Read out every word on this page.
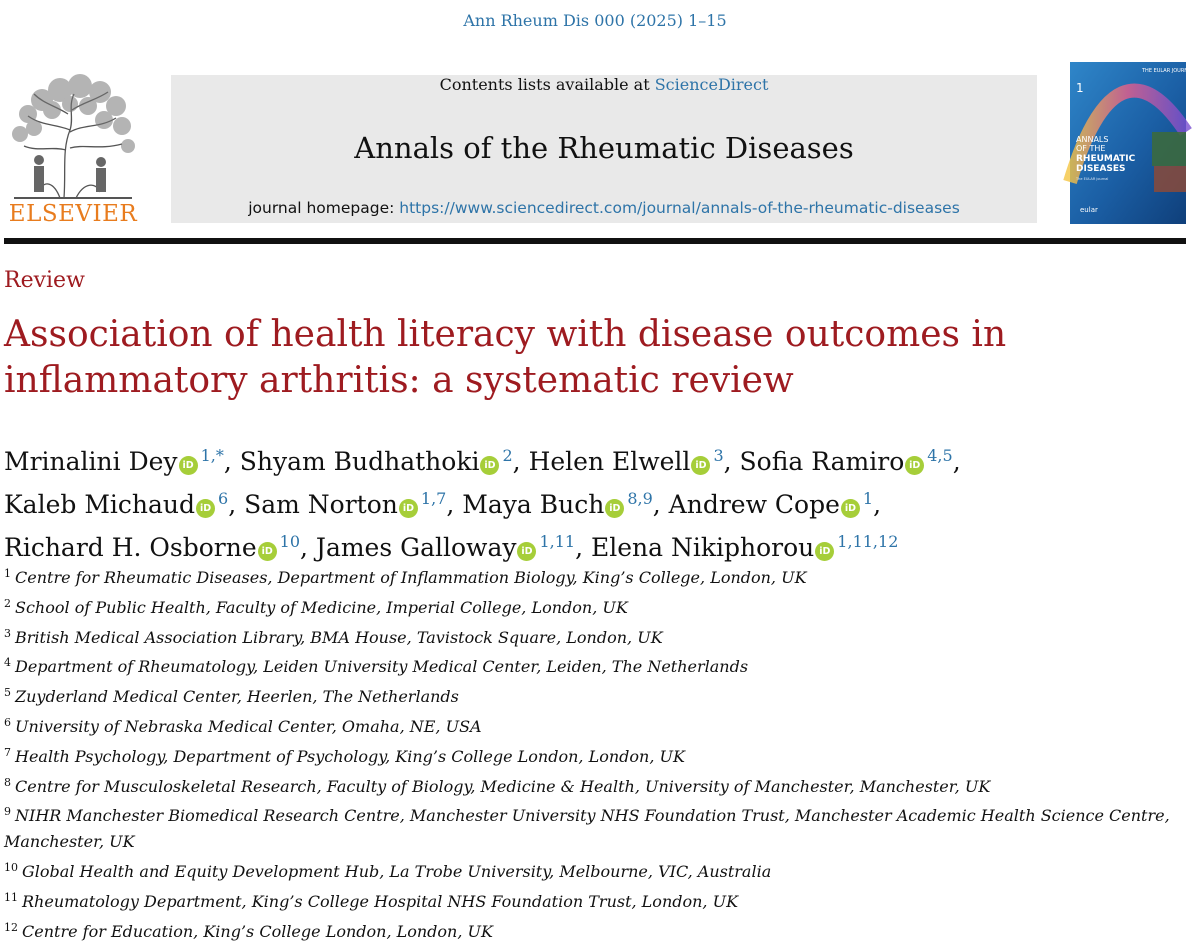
Ann Rheum Dis 000 (2025) 1–15
ELSEVIER
Contents lists available at ScienceDirect
Annals of the Rheumatic Diseases
journal homepage: https://www.sciencedirect.com/journal/annals-of-the-rheumatic-diseases
THE EULAR JOURNAL
1
ANNALS
OF THE
RHEUMATIC
DISEASES
The EULAR journal
eular
Review
Association of health literacy with disease outcomes in inflammatory arthritis: a systematic review
Mrinalini Dey iD$^{1,*}$, Shyam Budhathoki iD$^2$, Helen Elwell iD$^3$, Sofia Ramiro iD$^{4,5}$, Kaleb Michaud iD$^6$, Sam Norton iD$^{1,7}$, Maya Buch iD$^{8,9}$, Andrew Cope iD$^1$, Richard H. Osborne iD$^{10}$, James Galloway iD$^{1,11}$, Elena Nikiphorou iD$^{1,11,12}$

$^1$ Centre for Rheumatic Diseases, Department of Inflammation Biology, King’s College, London, UK

$^2$ School of Public Health, Faculty of Medicine, Imperial College, London, UK

$^3$ British Medical Association Library, BMA House, Tavistock Square, London, UK

$^4$ Department of Rheumatology, Leiden University Medical Center, Leiden, The Netherlands

$^5$ Zuyderland Medical Center, Heerlen, The Netherlands

$^6$ University of Nebraska Medical Center, Omaha, NE, USA

$^7$ Health Psychology, Department of Psychology, King’s College London, London, UK

$^8$ Centre for Musculoskeletal Research, Faculty of Biology, Medicine & Health, University of Manchester, Manchester, UK

$^9$ NIHR Manchester Biomedical Research Centre, Manchester University NHS Foundation Trust, Manchester Academic Health Science Centre, Manchester, UK

$^{10}$ Global Health and Equity Development Hub, La Trobe University, Melbourne, VIC, Australia

$^{11}$ Rheumatology Department, King’s College Hospital NHS Foundation Trust, London, UK

$^{12}$ Centre for Education, King’s College London, London, UK
